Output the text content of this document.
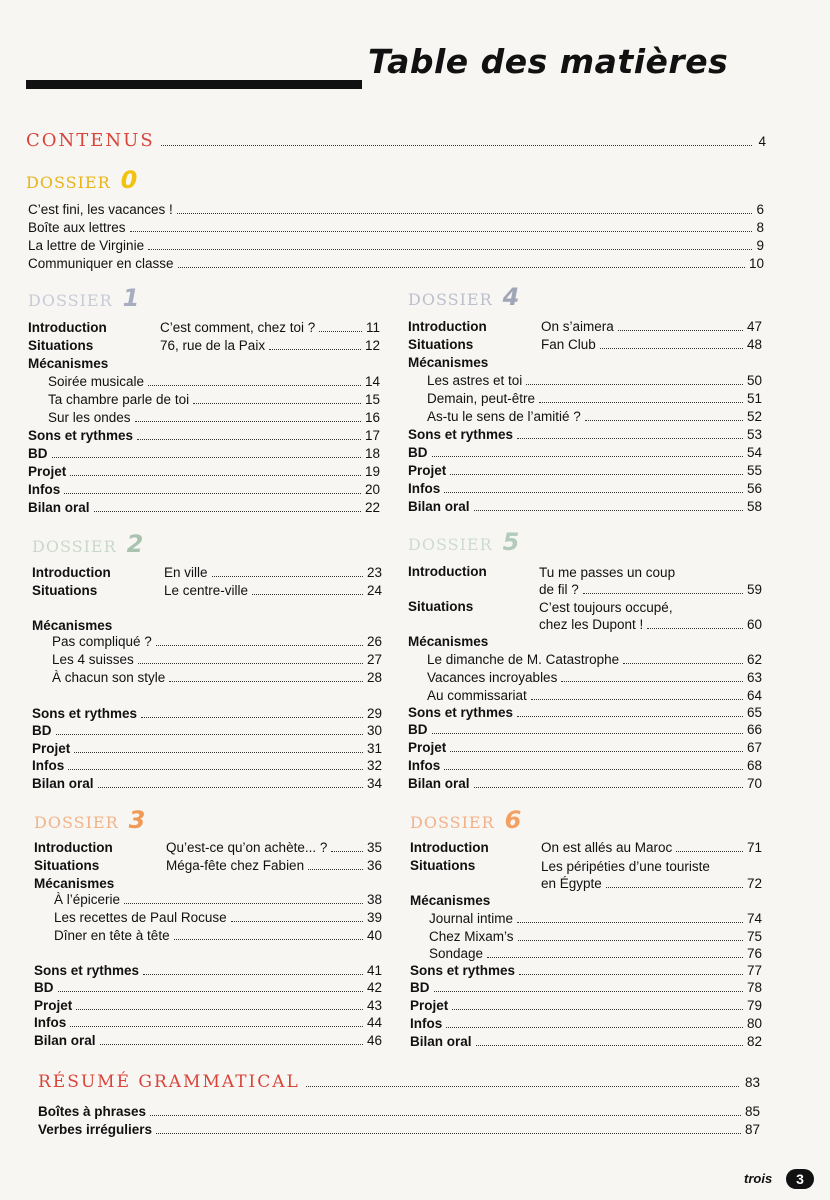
Table des matières
CONTENUS	4
DOSSIER 0
C’est fini, les vacances !	6
Boîte aux lettres	8
La lettre de Virginie	9
Communiquer en classe	10
DOSSIER 1
Introduction	C’est comment, chez toi ?	11
Situations	76, rue de la Paix	12
Mécanismes
Soirée musicale	14
Ta chambre parle de toi	15
Sur les ondes	16
Sons et rythmes	17
BD	18
Projet	19
Infos	20
Bilan oral	22
DOSSIER 2
Introduction	En ville	23
Situations	Le centre-ville	24
Mécanismes
Pas compliqué ?	26
Les 4 suisses	27
À chacun son style	28
Sons et rythmes	29
BD	30
Projet	31
Infos	32
Bilan oral	34
DOSSIER 3
Introduction	Qu’est-ce qu’on achète... ?	35
Situations	Méga-fête chez Fabien	36
Mécanismes
À l’épicerie	38
Les recettes de Paul Rocuse	39
Dîner en tête à tête	40
Sons et rythmes	41
BD	42
Projet	43
Infos	44
Bilan oral	46
DOSSIER 4
Introduction	On s’aimera	47
Situations	Fan Club	48
Mécanismes
Les astres et toi	50
Demain, peut-être	51
As-tu le sens de l’amitié ?	52
Sons et rythmes	53
BD	54
Projet	55
Infos	56
Bilan oral	58
DOSSIER 5
Introduction	Tu me passes un coup
de fil ?	59
Situations	C’est toujours occupé,
chez les Dupont !	60
Mécanismes
Le dimanche de M. Catastrophe	62
Vacances incroyables	63
Au commissariat	64
Sons et rythmes	65
BD	66
Projet	67
Infos	68
Bilan oral	70
DOSSIER 6
Introduction	On est allés au Maroc	71
Situations	Les péripéties d’une touriste
en Égypte	72
Mécanismes
Journal intime	74
Chez Mixam’s	75
Sondage	76
Sons et rythmes	77
BD	78
Projet	79
Infos	80
Bilan oral	82
RÉSUMÉ GRAMMATICAL	83
Boîtes à phrases	85
Verbes irréguliers	87
trois	3
